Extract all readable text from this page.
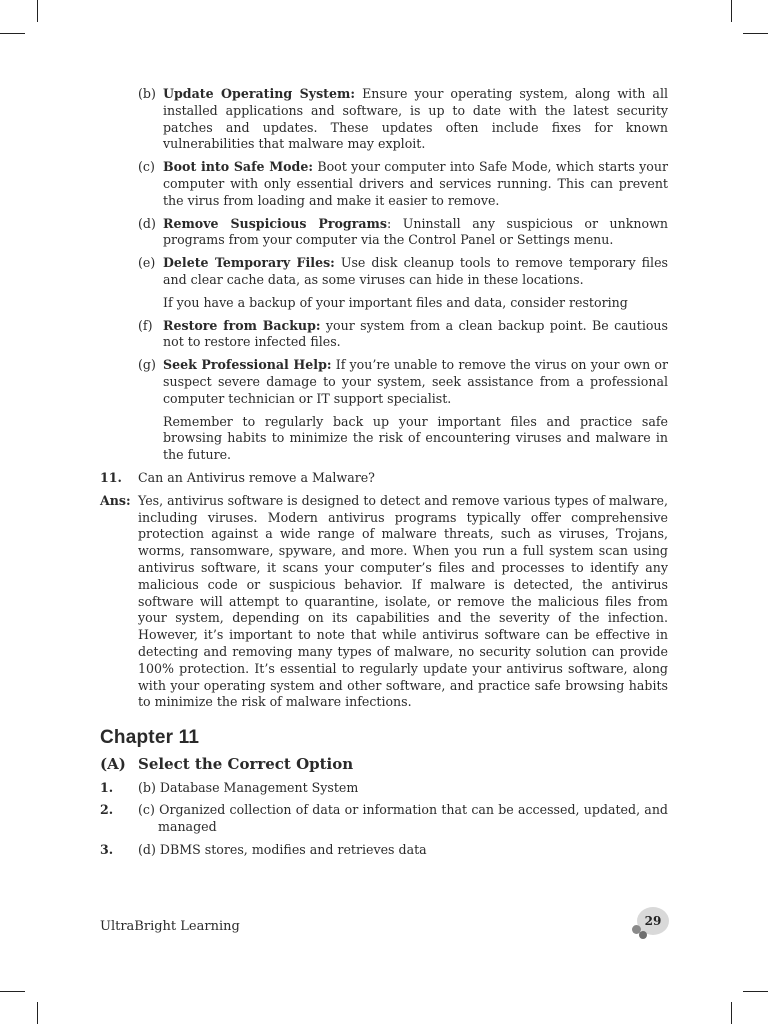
(b) Update Operating System: Ensure your operating system, along with all installed applications and software, is up to date with the latest security patches and updates. These updates often include fixes for known vulnerabilities that malware may exploit.
(c) Boot into Safe Mode: Boot your computer into Safe Mode, which starts your computer with only essential drivers and services running. This can prevent the virus from loading and make it easier to remove.
(d) Remove Suspicious Programs: Uninstall any suspicious or unknown programs from your computer via the Control Panel or Settings menu.
(e) Delete Temporary Files: Use disk cleanup tools to remove temporary files and clear cache data, as some viruses can hide in these locations.
If you have a backup of your important files and data, consider restoring
(f) Restore from Backup: your system from a clean backup point. Be cautious not to restore infected files.
(g) Seek Professional Help: If you’re unable to remove the virus on your own or suspect severe damage to your system, seek assistance from a professional computer technician or IT support specialist.
Remember to regularly back up your important files and practice safe browsing habits to minimize the risk of encountering viruses and malware in the future.
11. Can an Antivirus remove a Malware?
Ans: Yes, antivirus software is designed to detect and remove various types of malware, including viruses. Modern antivirus programs typically offer comprehensive protection against a wide range of malware threats, such as viruses, Trojans, worms, ransomware, spyware, and more. When you run a full system scan using antivirus software, it scans your computer’s files and processes to identify any malicious code or suspicious behavior. If malware is detected, the antivirus software will attempt to quarantine, isolate, or remove the malicious files from your system, depending on its capabilities and the severity of the infection. However, it’s important to note that while antivirus software can be effective in detecting and removing many types of malware, no security solution can provide 100% protection. It’s essential to regularly update your antivirus software, along with your operating system and other software, and practice safe browsing habits to minimize the risk of malware infections.
Chapter 11
(A) Select the Correct Option
1. (b) Database Management System
2. (c) Organized collection of data or information that can be accessed, updated, and managed
3. (d) DBMS stores, modifies and retrieves data
UltraBright Learning	29
